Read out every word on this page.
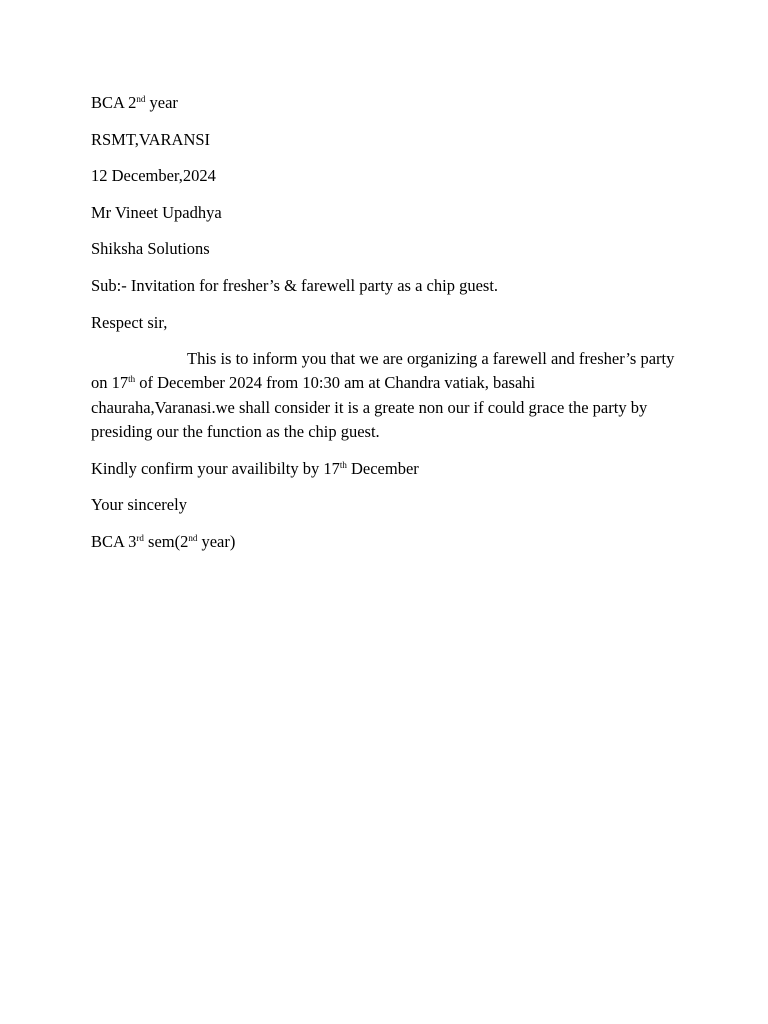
BCA 2nd year

RSMT,VARANSI

12 December,2024

Mr Vineet Upadhya

Shiksha Solutions

Sub:- Invitation for fresher’s & farewell party as a chip guest.

Respect sir,

This is to inform you that we are organizing a farewell and fresher’s party on 17th of December 2024 from 10:30 am at Chandra vatiak, basahi chauraha,Varanasi.we shall consider it is a greate non our if could grace the party by presiding our the function as the chip guest.

Kindly confirm your availibilty by 17th December

Your sincerely

BCA 3rd sem(2nd year)
